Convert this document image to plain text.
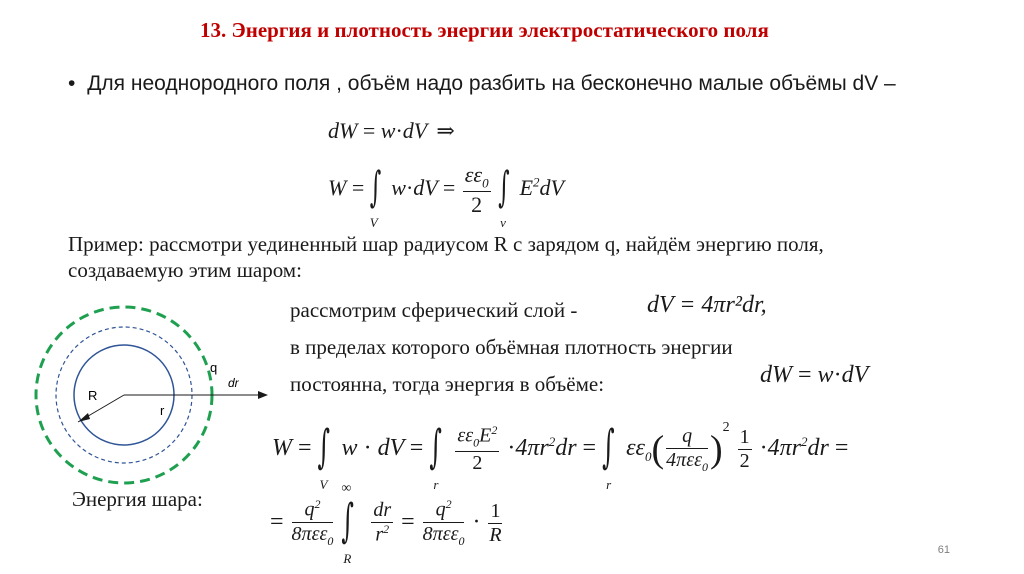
13. Энергия и плотность энергии электростатического поля
• Для неоднородного поля , объём надо разбить на бесконечно малые объёмы dV –
dW = w·dV ⇒
W = ∫
V
$w\cdot dV = \frac{\varepsilon\varepsilon_0}{2}$ ∫
v
$E^2dV$
Пример: рассмотри уединенный шар радиусом R с зарядом q, найдём энергию поля,
создаваемую этим шаром:
рассмотрим сферический слой -	dV = 4πr²dr,
в пределах которого объёмная плотность энергии
постоянна, тогда энергия в объёме:	dW = w·dV
W = ∫
V
w · dV = ∫
r

$\frac{\varepsilon\varepsilon_0E^2}{2} \cdot 4\pi r^2dr$ = ∫
r
$\varepsilon\varepsilon_0( \frac{q}{4\pi\varepsilon\varepsilon_0} )^2 \frac{1}{2} \cdot 4\pi r^2dr$ =
Энергия шара:
= $\frac{q^2}{8\pi\varepsilon\varepsilon_0}$

∞
∫
R

$\frac{dr}{r^2} = \frac{q^2}{8\pi\varepsilon\varepsilon_0} \cdot \frac{1}{R}$
R
r
q
dr
61
